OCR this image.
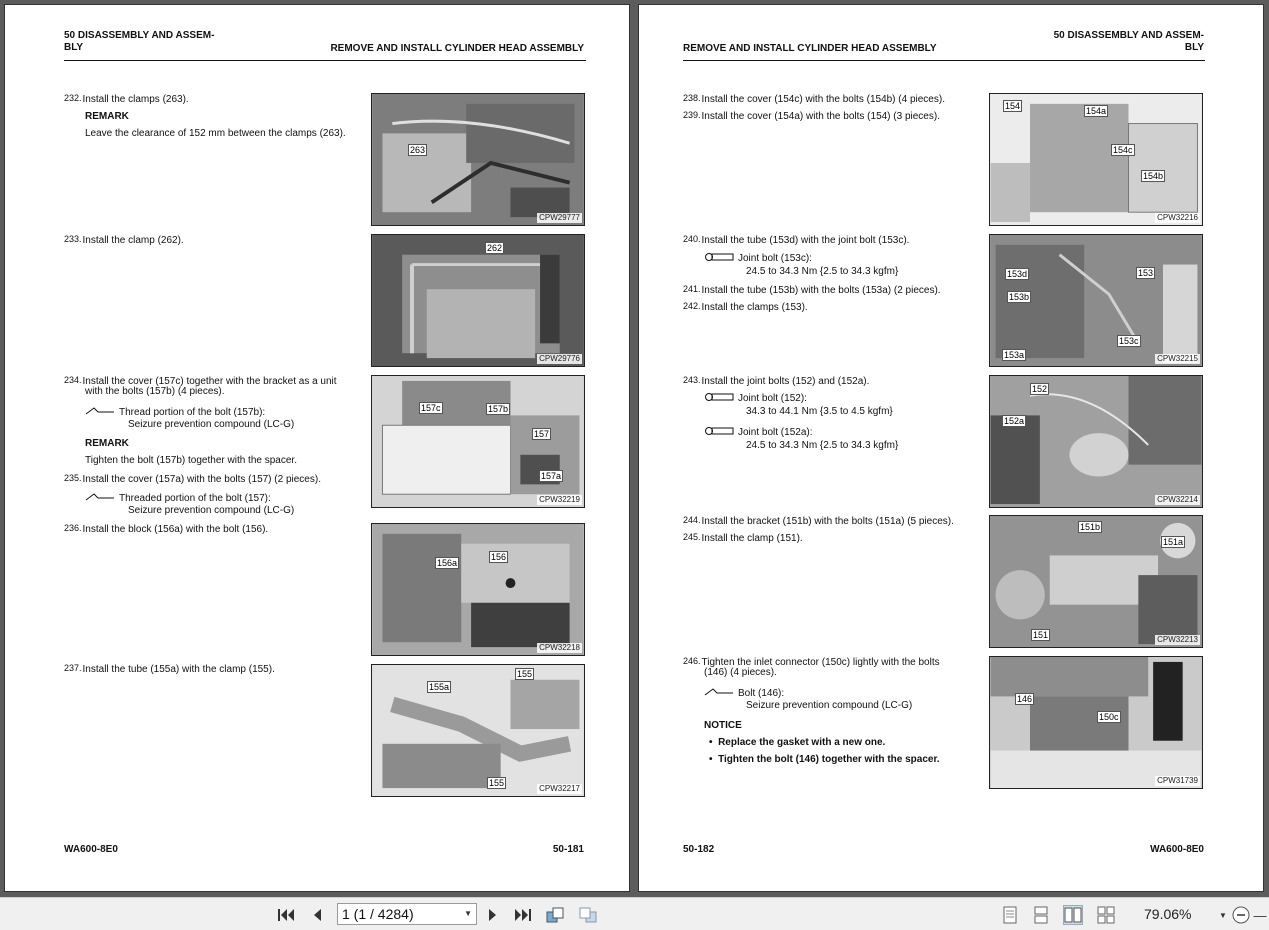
50 DISASSEMBLY AND ASSEM-
BLY	REMOVE AND INSTALL CYLINDER HEAD ASSEMBLY
232.Install the clamps (263).
REMARK
Leave the clearance of 152 mm between the clamps (263).
233.Install the clamp (262).
234.Install the cover (157c) together with the bracket as a unit
with the bolts (157b) (4 pieces).
Thread portion of the bolt (157b):
Seizure prevention compound (LC-G)
REMARK
Tighten the bolt (157b) together with the spacer.
235.Install the cover (157a) with the bolts (157) (2 pieces).
Threaded portion of the bolt (157):
Seizure prevention compound (LC-G)
236.Install the block (156a) with the bolt (156).
237.Install the tube (155a) with the clamp (155).
263
CPW29777
262
CPW29776
157c	157b
157
157a
CPW32219
156a
156
CPW32218
155a
155
155
CPW32217
WA600-8E0	50-181
50 DISASSEMBLY AND ASSEM-
BLY
REMOVE AND INSTALL CYLINDER HEAD ASSEMBLY
238.Install the cover (154c) with the bolts (154b) (4 pieces).
239.Install the cover (154a) with the bolts (154) (3 pieces).
240.Install the tube (153d) with the joint bolt (153c).
Joint bolt (153c):
24.5 to 34.3 Nm {2.5 to 34.3 kgfm}
241.Install the tube (153b) with the bolts (153a) (2 pieces).
242.Install the clamps (153).
243.Install the joint bolts (152) and (152a).
Joint bolt (152):
34.3 to 44.1 Nm {3.5 to 4.5 kgfm}
Joint bolt (152a):
24.5 to 34.3 Nm {2.5 to 34.3 kgfm}
244.Install the bracket (151b) with the bolts (151a) (5 pieces).
245.Install the clamp (151).
246.Tighten the inlet connector (150c) lightly with the bolts
(146) (4 pieces).
Bolt (146):
Seizure prevention compound (LC-G)
NOTICE
•  Replace the gasket with a new one.
•  Tighten the bolt (146) together with the spacer.
154	154a
154c
154b
CPW32216
153d	153
153b
153c
153a	CPW32215
152
152a
CPW32214
151b
151a
151	CPW32213
146
150c
CPW31739
50-182	WA600-8E0
1 (1 / 4284)	▼	79.06%	▼	—
